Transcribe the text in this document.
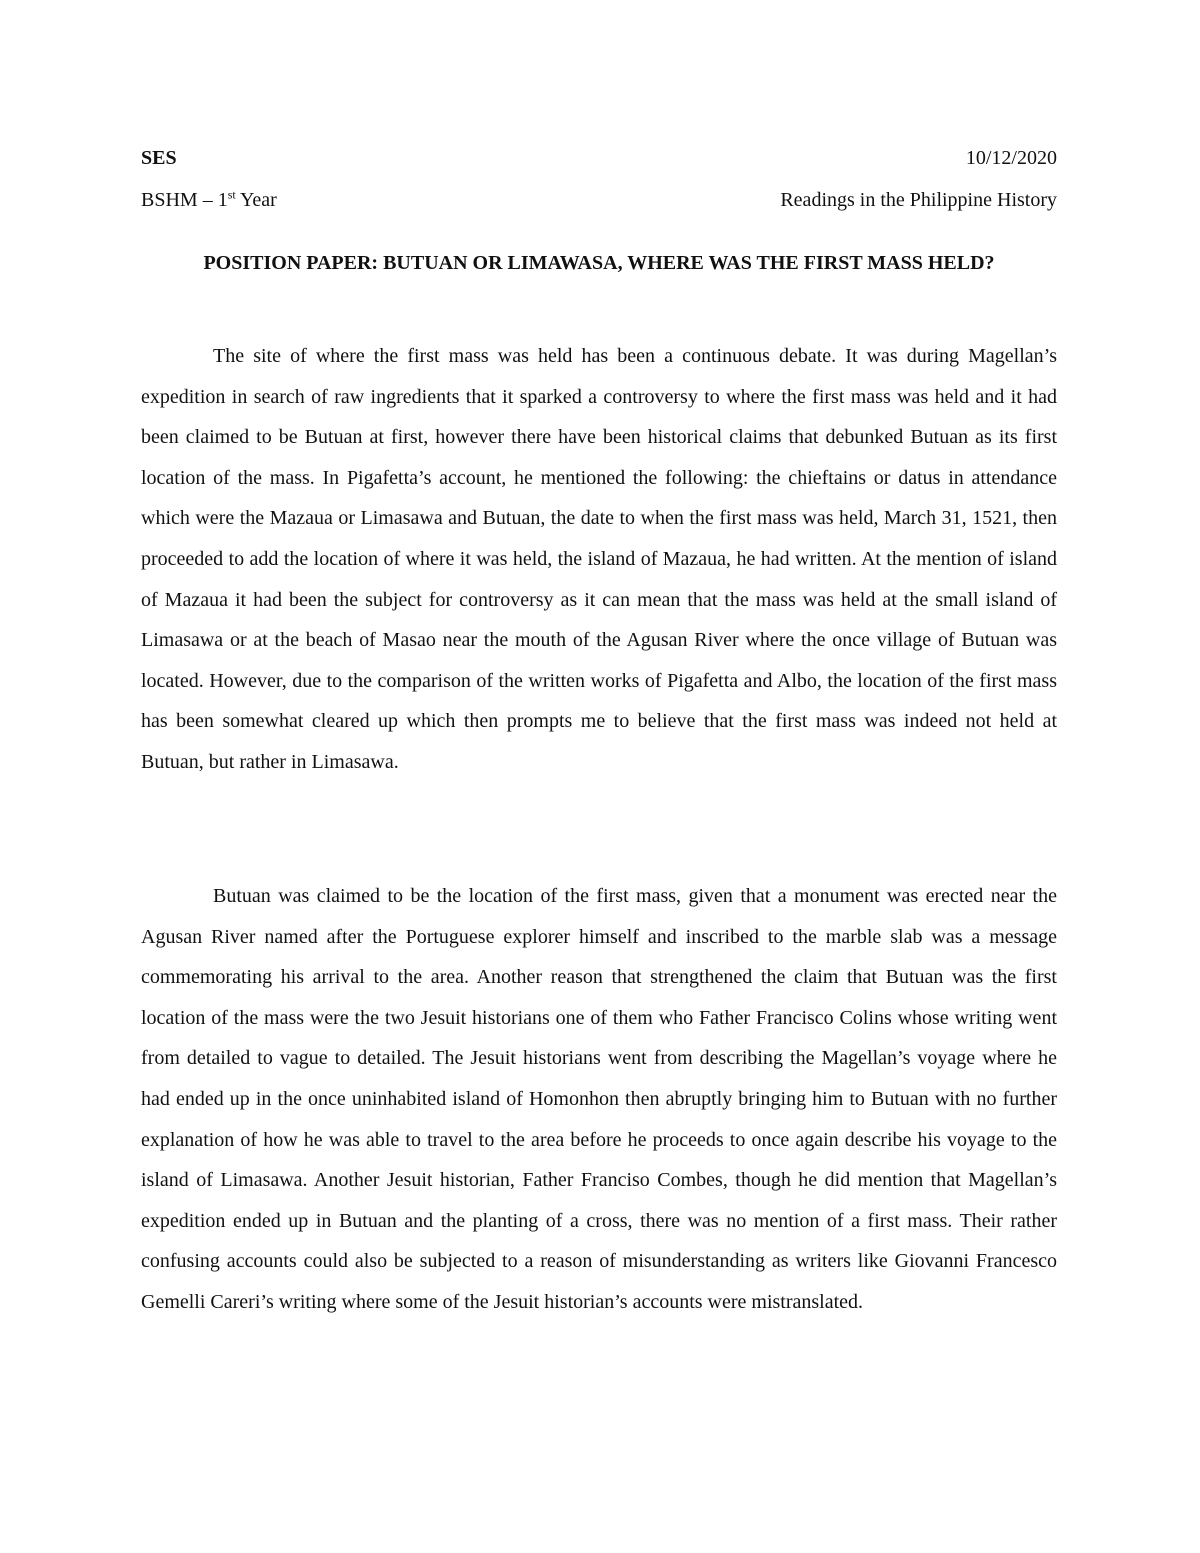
SES	10/12/2020
BSHM – 1st Year	Readings in the Philippine History
POSITION PAPER: BUTUAN OR LIMAWASA, WHERE WAS THE FIRST MASS HELD?

The site of where the first mass was held has been a continuous debate. It was during Magellan’s expedition in search of raw ingredients that it sparked a controversy to where the first mass was held and it had been claimed to be Butuan at first, however there have been historical claims that debunked Butuan as its first location of the mass. In Pigafetta’s account, he mentioned the following: the chieftains or datus in attendance which were the Mazaua or Limasawa and Butuan, the date to when the first mass was held, March 31, 1521, then proceeded to add the location of where it was held, the island of Mazaua, he had written. At the mention of island of Mazaua it had been the subject for controversy as it can mean that the mass was held at the small island of Limasawa or at the beach of Masao near the mouth of the Agusan River where the once village of Butuan was located. However, due to the comparison of the written works of Pigafetta and Albo, the location of the first mass has been somewhat cleared up which then prompts me to believe that the first mass was indeed not held at Butuan, but rather in Limasawa.

Butuan was claimed to be the location of the first mass, given that a monument was erected near the Agusan River named after the Portuguese explorer himself and inscribed to the marble slab was a message commemorating his arrival to the area. Another reason that strengthened the claim that Butuan was the first location of the mass were the two Jesuit historians one of them who Father Francisco Colins whose writing went from detailed to vague to detailed. The Jesuit historians went from describing the Magellan’s voyage where he had ended up in the once uninhabited island of Homonhon then abruptly bringing him to Butuan with no further explanation of how he was able to travel to the area before he proceeds to once again describe his voyage to the island of Limasawa. Another Jesuit historian, Father Franciso Combes, though he did mention that Magellan’s expedition ended up in Butuan and the planting of a cross, there was no mention of a first mass. Their rather confusing accounts could also be subjected to a reason of misunderstanding as writers like Giovanni Francesco Gemelli Careri’s writing where some of the Jesuit historian’s accounts were mistranslated.
